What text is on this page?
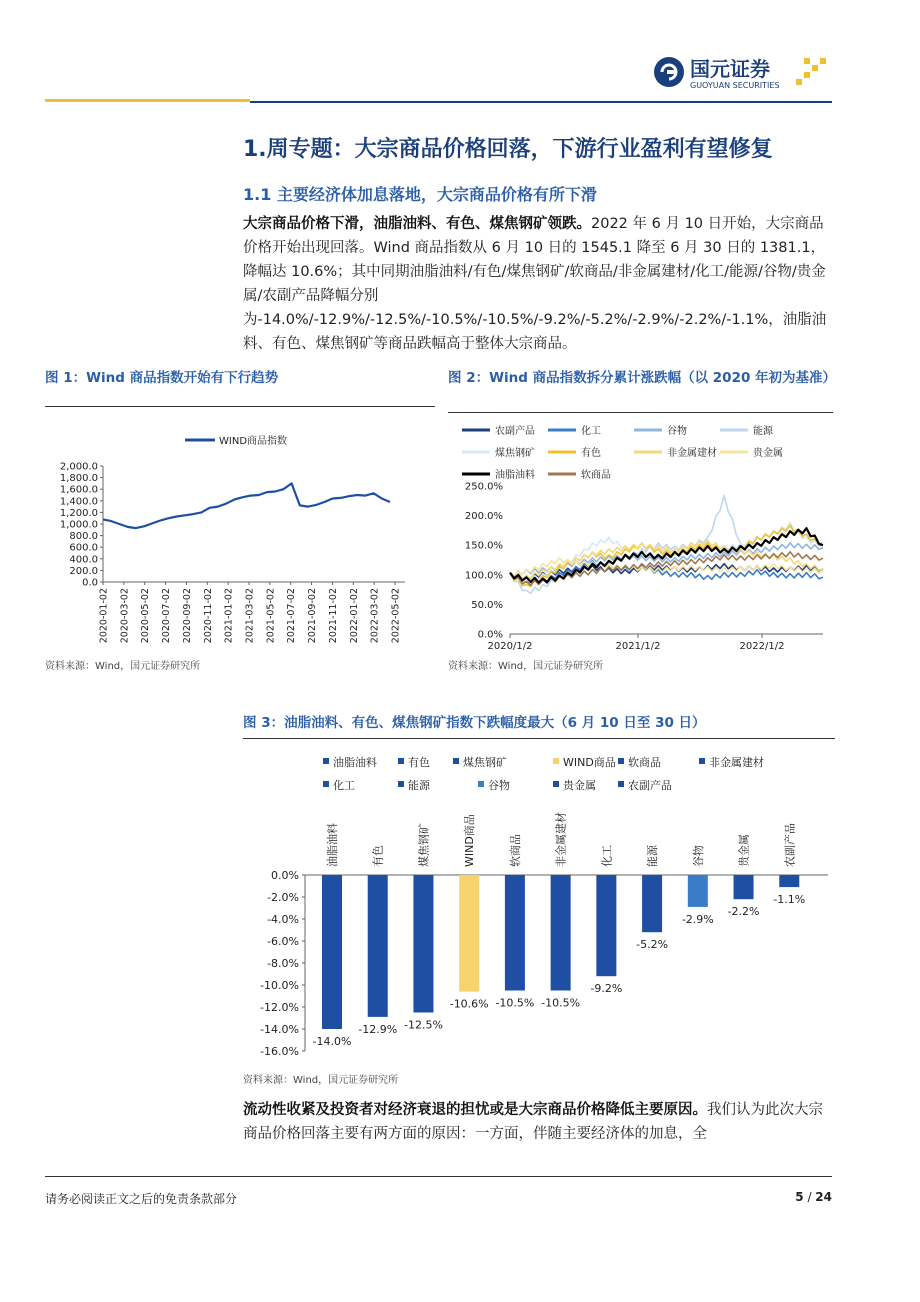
国元证券
GUOYUAN SECURITIES
1.周专题：大宗商品价格回落，下游行业盈利有望修复
1.1 主要经济体加息落地，大宗商品价格有所下滑
大宗商品价格下滑，油脂油料、有色、煤焦钢矿领跌。2022 年 6 月 10 日开始，大宗商品价格开始出现回落。Wind 商品指数从 6 月 10 日的 1545.1 降至 6 月 30 日的 1381.1，降幅达 10.6%；其中同期油脂油料/有色/煤焦钢矿/软商品/非金属建材/化工/能源/谷物/贵金属/农副产品降幅分别为-14.0%/-12.9%/-12.5%/-10.5%/-10.5%/-9.2%/-5.2%/-2.9%/-2.2%/-1.1%，油脂油料、有色、煤焦钢矿等商品跌幅高于整体大宗商品。
图 1：Wind 商品指数开始有下行趋势
WIND商品指数
2,000.0
1,800.0
1,600.0
1,400.0
1,200.0
1,000.0
800.0
600.0
400.0
200.0
0.0
2020-01-02 2020-03-02 2020-05-02 2020-07-02 2020-09-02 2020-11-02 2021-01-02 2021-03-02 2021-05-02 2021-07-02 2021-09-02 2021-11-02 2022-01-02 2022-03-02 2022-05-02
资料来源：Wind，国元证券研究所
图 2：Wind 商品指数拆分累计涨跌幅（以 2020 年初为基准）
农副产品	化工	谷物	能源
煤焦钢矿	有色	非金属建材	贵金属
油脂油料	软商品
250.0%
200.0%
150.0%
100.0%
50.0%
0.0%
2020/1/2	2021/1/2	2022/1/2
资料来源：Wind，国元证券研究所
图 3：油脂油料、有色、煤焦钢矿指数下跌幅度最大（6 月 10 日至 30 日）
油脂油料	有色	煤焦钢矿	WIND商品 软商品	非金属建材
化工	能源	谷物	贵金属	农副产品
0.0%
-2.0%
-4.0%
-6.0%
-8.0%
-10.0%
-12.0%
-14.0%
-16.0%
-14.0%
油脂油料
-12.9%
有色
-12.5%
煤焦钢矿
-10.6%
WIND商品
-10.5%
软商品
-10.5%
非金属建材
-9.2%
化工
-5.2%
能源
-2.9%
谷物
-2.2%
贵金属
-1.1%
农副产品
资料来源：Wind，国元证券研究所
流动性收紧及投资者对经济衰退的担忧或是大宗商品价格降低主要原因。我们认为此次大宗商品价格回落主要有两方面的原因：一方面，伴随主要经济体的加息，全
请务必阅读正文之后的免责条款部分	5 / 24
